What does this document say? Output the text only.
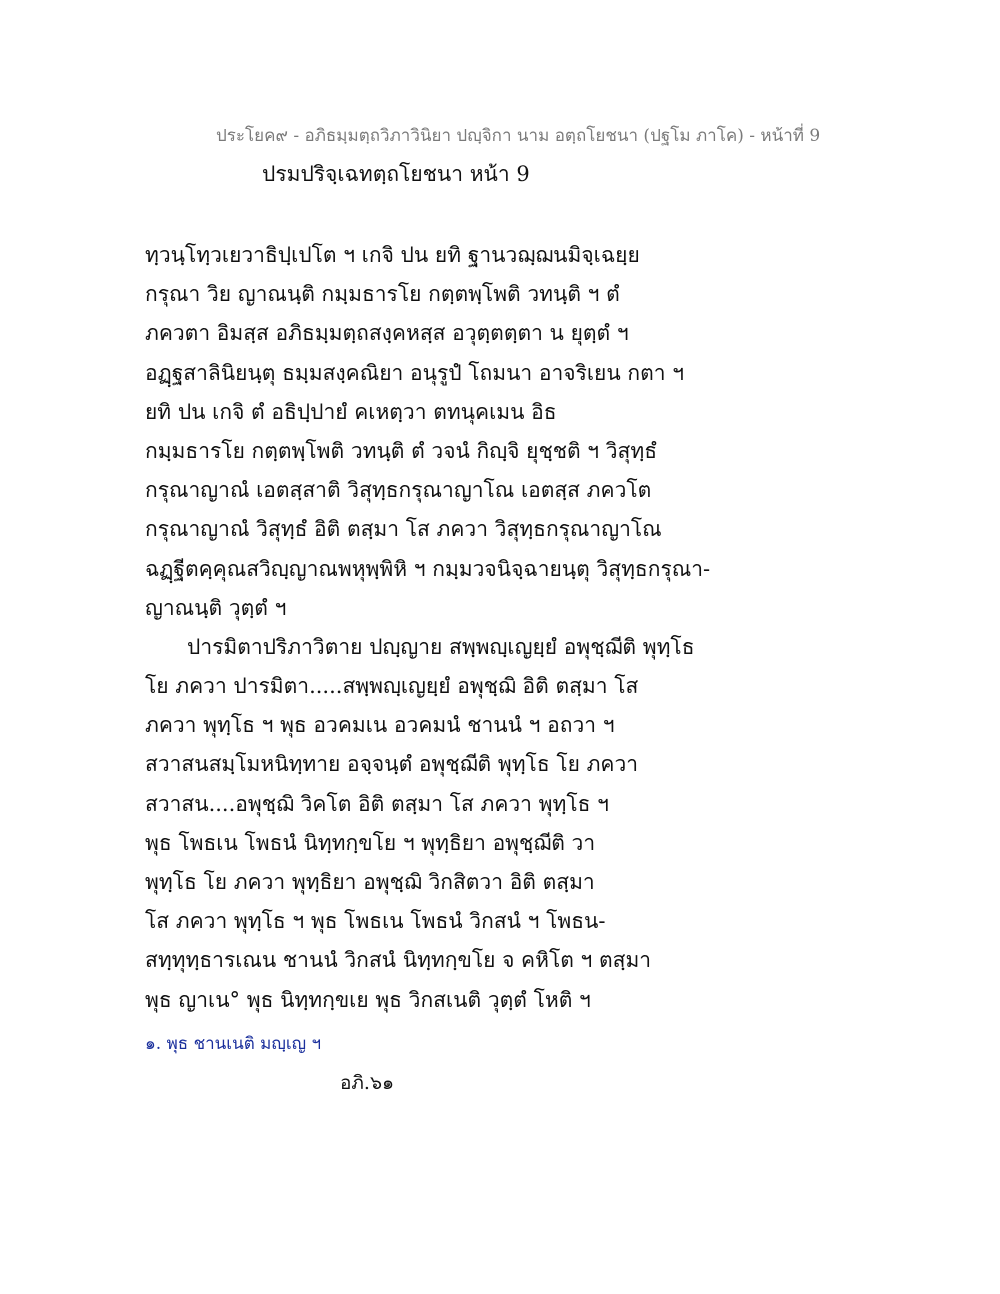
ประโยค๙ - อภิธมฺมตฺถวิภาวินิยา ปญฺจิกา นาม อตฺถโยชนา (ปฐโม ภาโค) - หน้าที่ 9
ปรมปริจฺเฉทตฺถโยชนา หน้า 9
ทฺวนฺโทฺวเยวาธิปฺเปโต ฯ เกจิ ปน ยทิ ฐานวฌฺฌนมิจฺเฉยฺย
กรุณา วิย ญาณนฺติ กมฺมธารโย กตฺตพฺโพติ วทนฺติ ฯ ตํ
ภควตา อิมสฺส อภิธมฺมตฺถสงฺคหสฺส อวุตฺตตฺตา น ยุตฺตํ ฯ
อฏฺฐสาลินิยนฺตุ ธมฺมสงฺคณิยา อนุรูปํ โถมนา อาจริเยน กตา ฯ
ยทิ ปน เกจิ ตํ อธิปฺปายํ คเหตฺวา ตทนุคเมน อิธ
กมฺมธารโย กตฺตพฺโพติ วทนฺติ ตํ วจนํ กิญฺจิ ยุชฺชติ ฯ วิสุทฺธํ
กรุณาญาณํ เอตสฺสาติ วิสุทฺธกรุณาญาโณ เอตสฺส ภควโต
กรุณาญาณํ วิสุทฺธํ อิติ ตสฺมา โส ภควา วิสุทฺธกรุณาญาโณ
ฉฏฺฐีตคฺคุณสวิญฺญาณพหุพฺพิหิ ฯ กมฺมวจนิจฺฉายนฺตุ วิสุทฺธกรุณา-
ญาณนฺติ วุตฺตํ ฯ
ปารมิตาปริภาวิตาย ปญฺญาย สพฺพญฺเญยฺยํ อพุชฺฌีติ พุทฺโธ
โย ภควา ปารมิตา.....สพฺพญฺเญยฺยํ อพุชฺฌิ อิติ ตสฺมา โส
ภควา พุทฺโธ ฯ พุธ อวคมเน อวคมนํ ชานนํ ฯ อถวา ฯ
สวาสนสมฺโมหนิทฺทาย อจฺจนฺตํ อพุชฺฌีติ พุทฺโธ โย ภควา
สวาสน....อพุชฺฌิ วิคโต อิติ ตสฺมา โส ภควา พุทฺโธ ฯ
พุธ โพธเน โพธนํ นิทฺทกฺขโย ฯ พุทฺธิยา อพุชฺฌีติ วา
พุทฺโธ โย ภควา พุทฺธิยา อพุชฺฌิ วิกสิตวา อิติ ตสฺมา
โส ภควา พุทฺโธ ฯ พุธ โพธเน โพธนํ วิกสนํ ฯ โพธน-
สทฺทุทฺธารเณน ชานนํ วิกสนํ นิทฺทกฺขโย จ คหิโต ฯ ตสฺมา
พุธ ญาเน° พุธ นิทฺทกฺขเย พุธ วิกสเนติ วุตฺตํ โหติ ฯ
๑. พุธ ชานเนติ มญฺเญ ฯ
อภิ.๖๑
